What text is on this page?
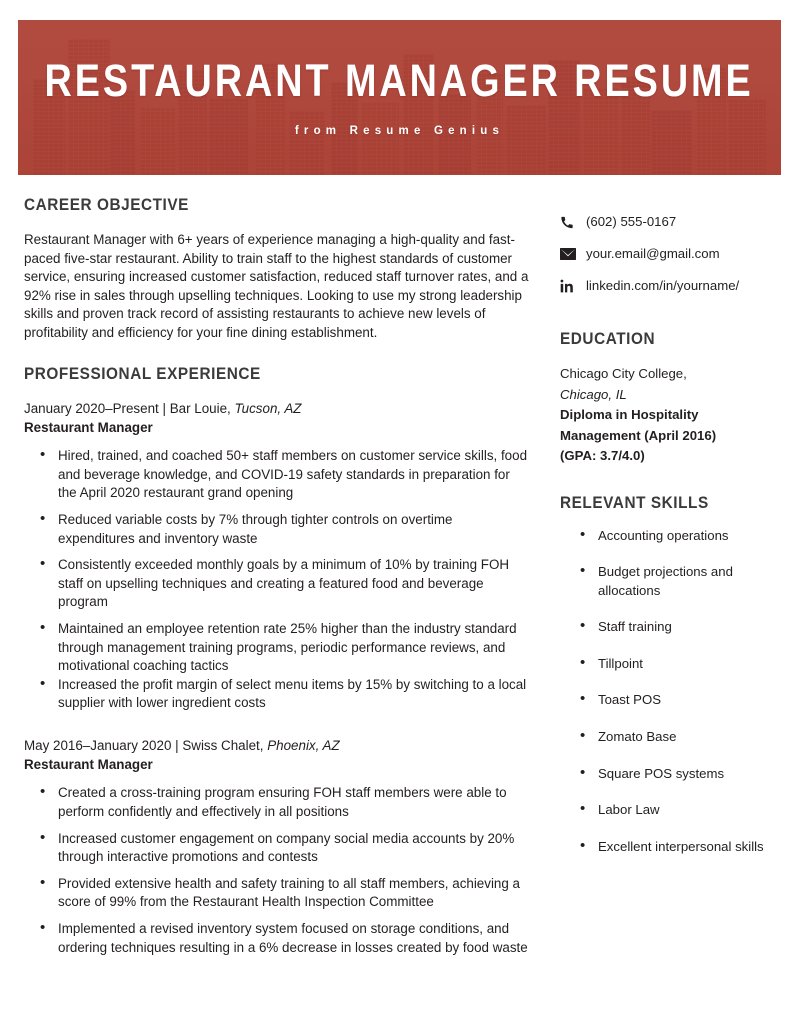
RESTAURANT MANAGER RESUME

from Resume Genius

CAREER OBJECTIVE

Restaurant Manager with 6+ years of experience managing a high-quality and fast-paced five-star restaurant. Ability to train staff to the highest standards of customer service, ensuring increased customer satisfaction, reduced staff turnover rates, and a 92% rise in sales through upselling techniques. Looking to use my strong leadership skills and proven track record of assisting restaurants to achieve new levels of profitability and efficiency for your fine dining establishment.

PROFESSIONAL EXPERIENCE
January 2020–Present | Bar Louie, Tucson, AZ
Restaurant Manager
• Hired, trained, and coached 50+ staff members on customer service skills, food and beverage knowledge, and COVID-19 safety standards in preparation for the April 2020 restaurant grand opening
• Reduced variable costs by 7% through tighter controls on overtime expenditures and inventory waste
• Consistently exceeded monthly goals by a minimum of 10% by training FOH staff on upselling techniques and creating a featured food and beverage program
• Maintained an employee retention rate 25% higher than the industry standard through management training programs, periodic performance reviews, and motivational coaching tactics
• Increased the profit margin of select menu items by 15% by switching to a local supplier with lower ingredient costs
May 2016–January 2020 | Swiss Chalet, Phoenix, AZ
Restaurant Manager
• Created a cross-training program ensuring FOH staff members were able to perform confidently and effectively in all positions
• Increased customer engagement on company social media accounts by 20% through interactive promotions and contests
• Provided extensive health and safety training to all staff members, achieving a score of 99% from the Restaurant Health Inspection Committee
• Implemented a revised inventory system focused on storage conditions, and ordering techniques resulting in a 6% decrease in losses created by food waste
(602) 555-0167
your.email@gmail.com
linkedin.com/in/yourname/
EDUCATION
Chicago City College,
Chicago, IL
Diploma in Hospitality
Management (April 2016)
(GPA: 3.7/4.0)
RELEVANT SKILLS
• Accounting operations
• Budget projections and allocations
• Staff training
• Tillpoint
• Toast POS
• Zomato Base
• Square POS systems
• Labor Law
• Excellent interpersonal skills
